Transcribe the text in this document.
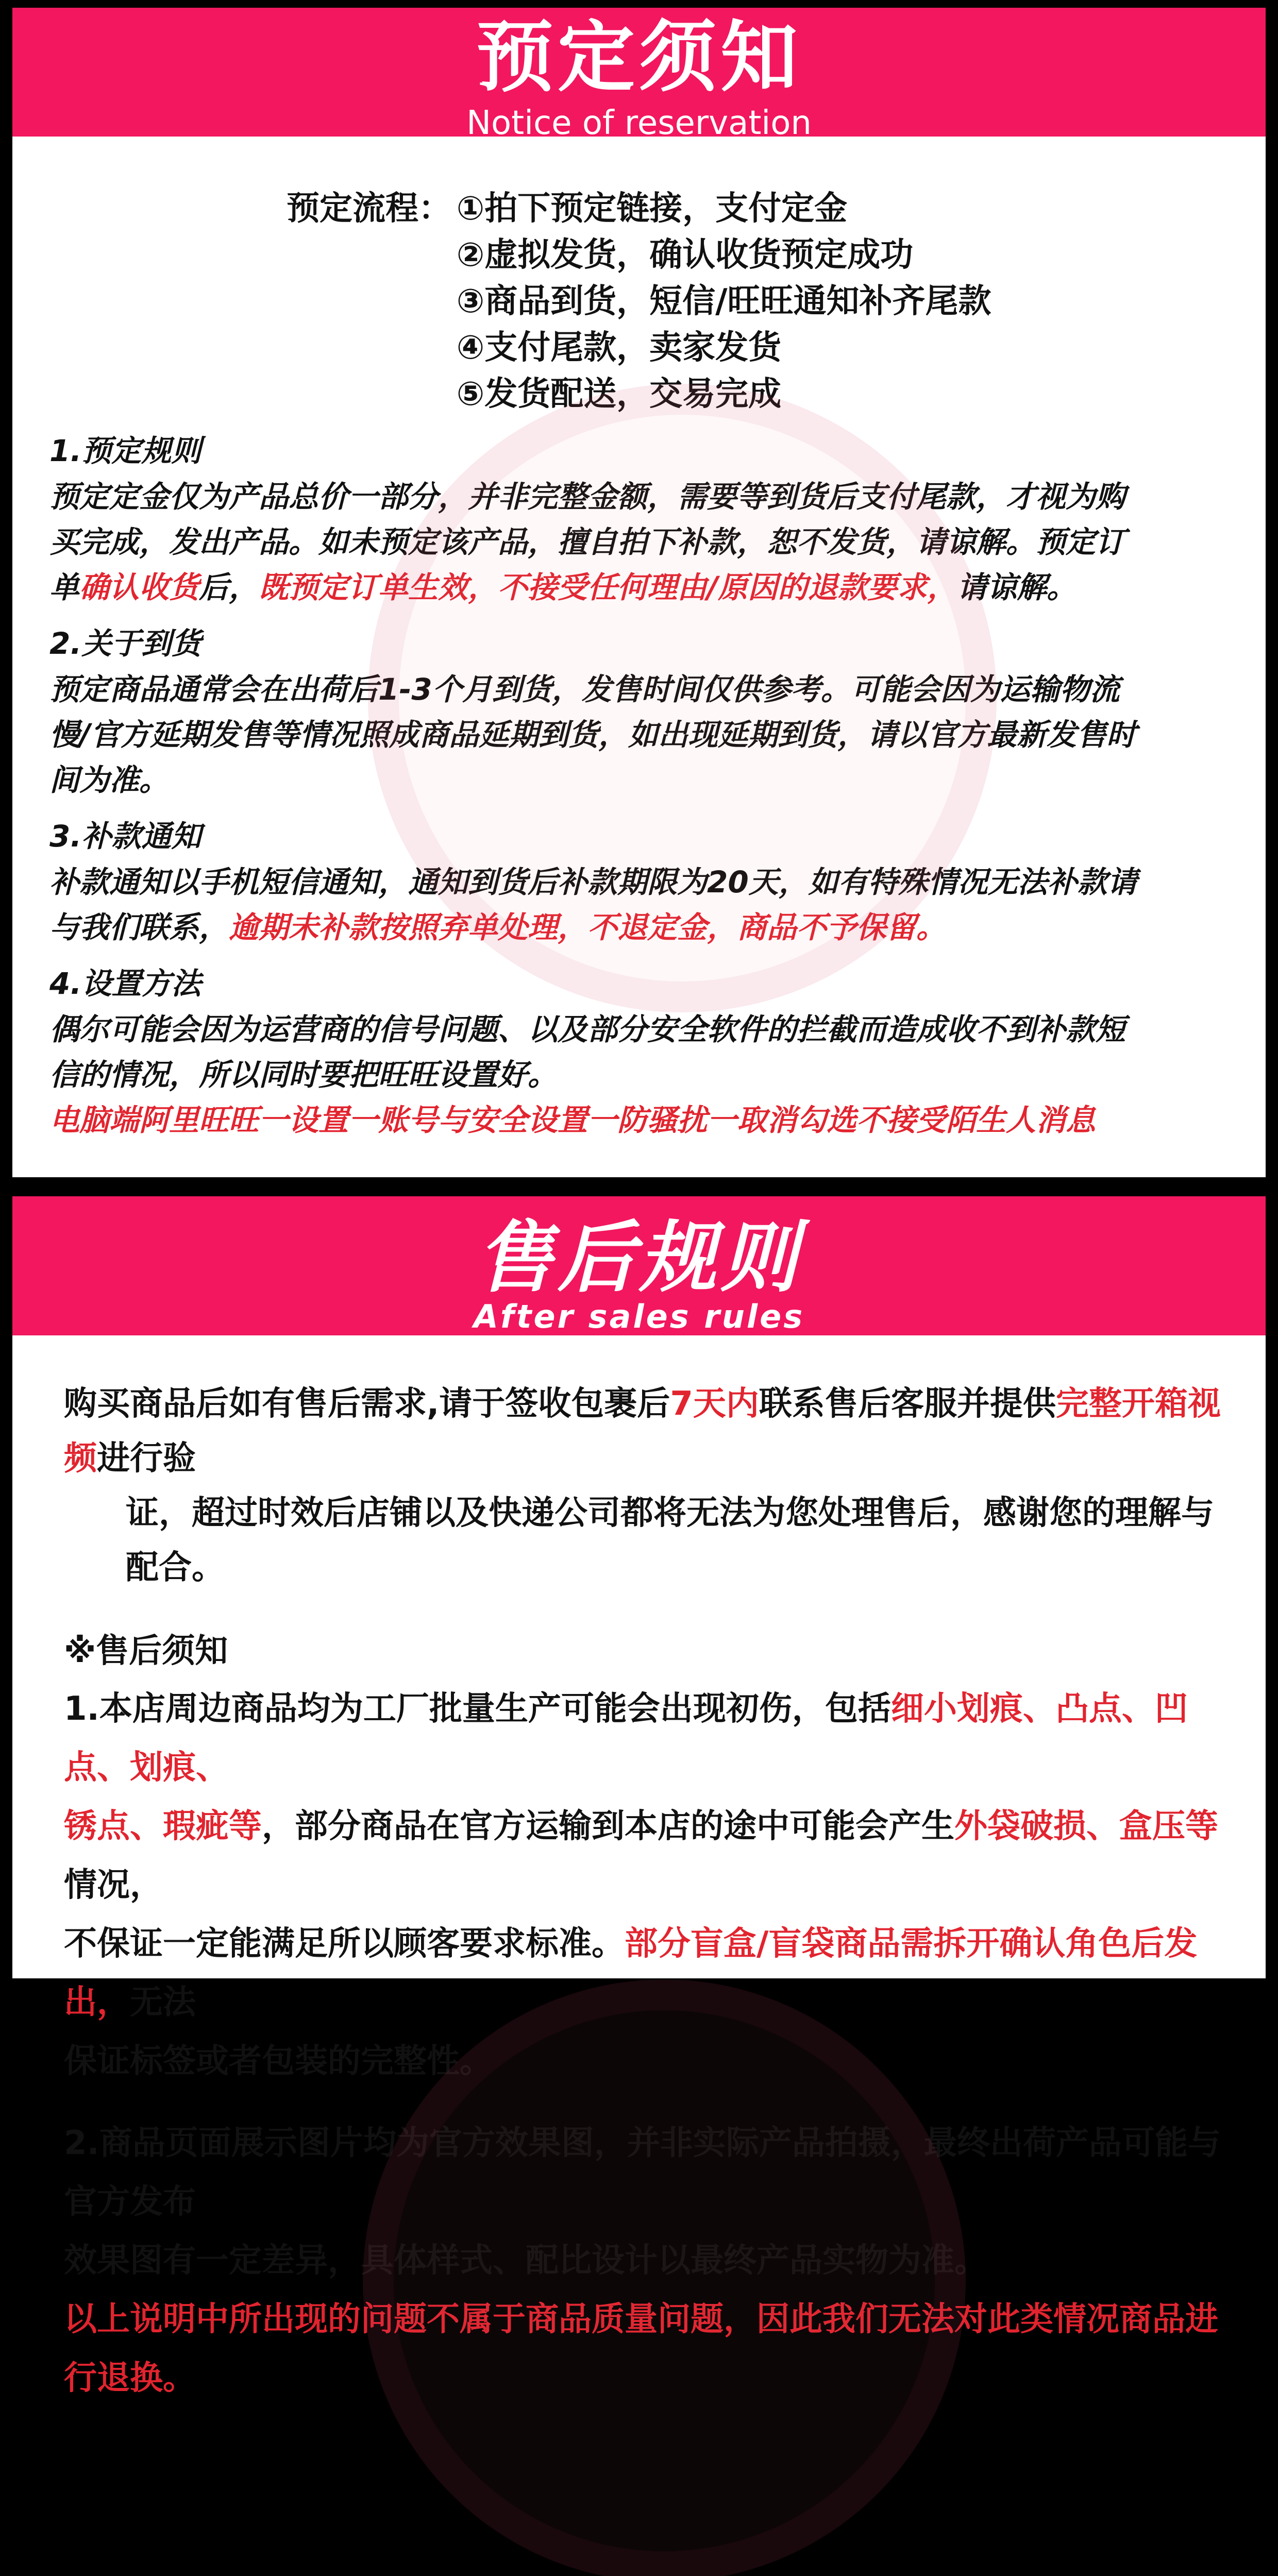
预定须知
Notice of reservation
预定流程： ①拍下预定链接，支付定金
②虚拟发货，确认收货预定成功
③商品到货，短信/旺旺通知补齐尾款
④支付尾款，卖家发货
⑤发货配送，交易完成
1.预定规则
预定定金仅为产品总价一部分，并非完整金额，需要等到货后支付尾款，才视为购
买完成，发出产品。如未预定该产品，擅自拍下补款，恕不发货，请谅解。预定订
单确认收货后，既预定订单生效，不接受任何理由/原因的退款要求，请谅解。
2.关于到货
预定商品通常会在出荷后1-3个月到货，发售时间仅供参考。可能会因为运输物流
慢/官方延期发售等情况照成商品延期到货，如出现延期到货，请以官方最新发售时
间为准。
3.补款通知
补款通知以手机短信通知，通知到货后补款期限为20天，如有特殊情况无法补款请
与我们联系，逾期未补款按照弃单处理，不退定金，商品不予保留。
4.设置方法
偶尔可能会因为运营商的信号问题、以及部分安全软件的拦截而造成收不到补款短
信的情况，所以同时要把旺旺设置好。
电脑端阿里旺旺一设置一账号与安全设置一防骚扰一取消勾选不接受陌生人消息
售后规则
After sales rules
购买商品后如有售后需求,请于签收包裹后7天内联系售后客服并提供完整开箱视频进行验
证，超过时效后店铺以及快递公司都将无法为您处理售后，感谢您的理解与配合。
※售后须知
1.本店周边商品均为工厂批量生产可能会出现初伤，包括细小划痕、凸点、凹点、划痕、
锈点、瑕疵等，部分商品在官方运输到本店的途中可能会产生外袋破损、盒压等情况，
不保证一定能满足所以顾客要求标准。部分盲盒/盲袋商品需拆开确认角色后发出，无法
保证标签或者包装的完整性。
2.商品页面展示图片均为官方效果图，并非实际产品拍摄，最终出荷产品可能与官方发布
效果图有一定差异，具体样式、配比设计以最终产品实物为准。
以上说明中所出现的问题不属于商品质量问题，因此我们无法对此类情况商品进行退换。
